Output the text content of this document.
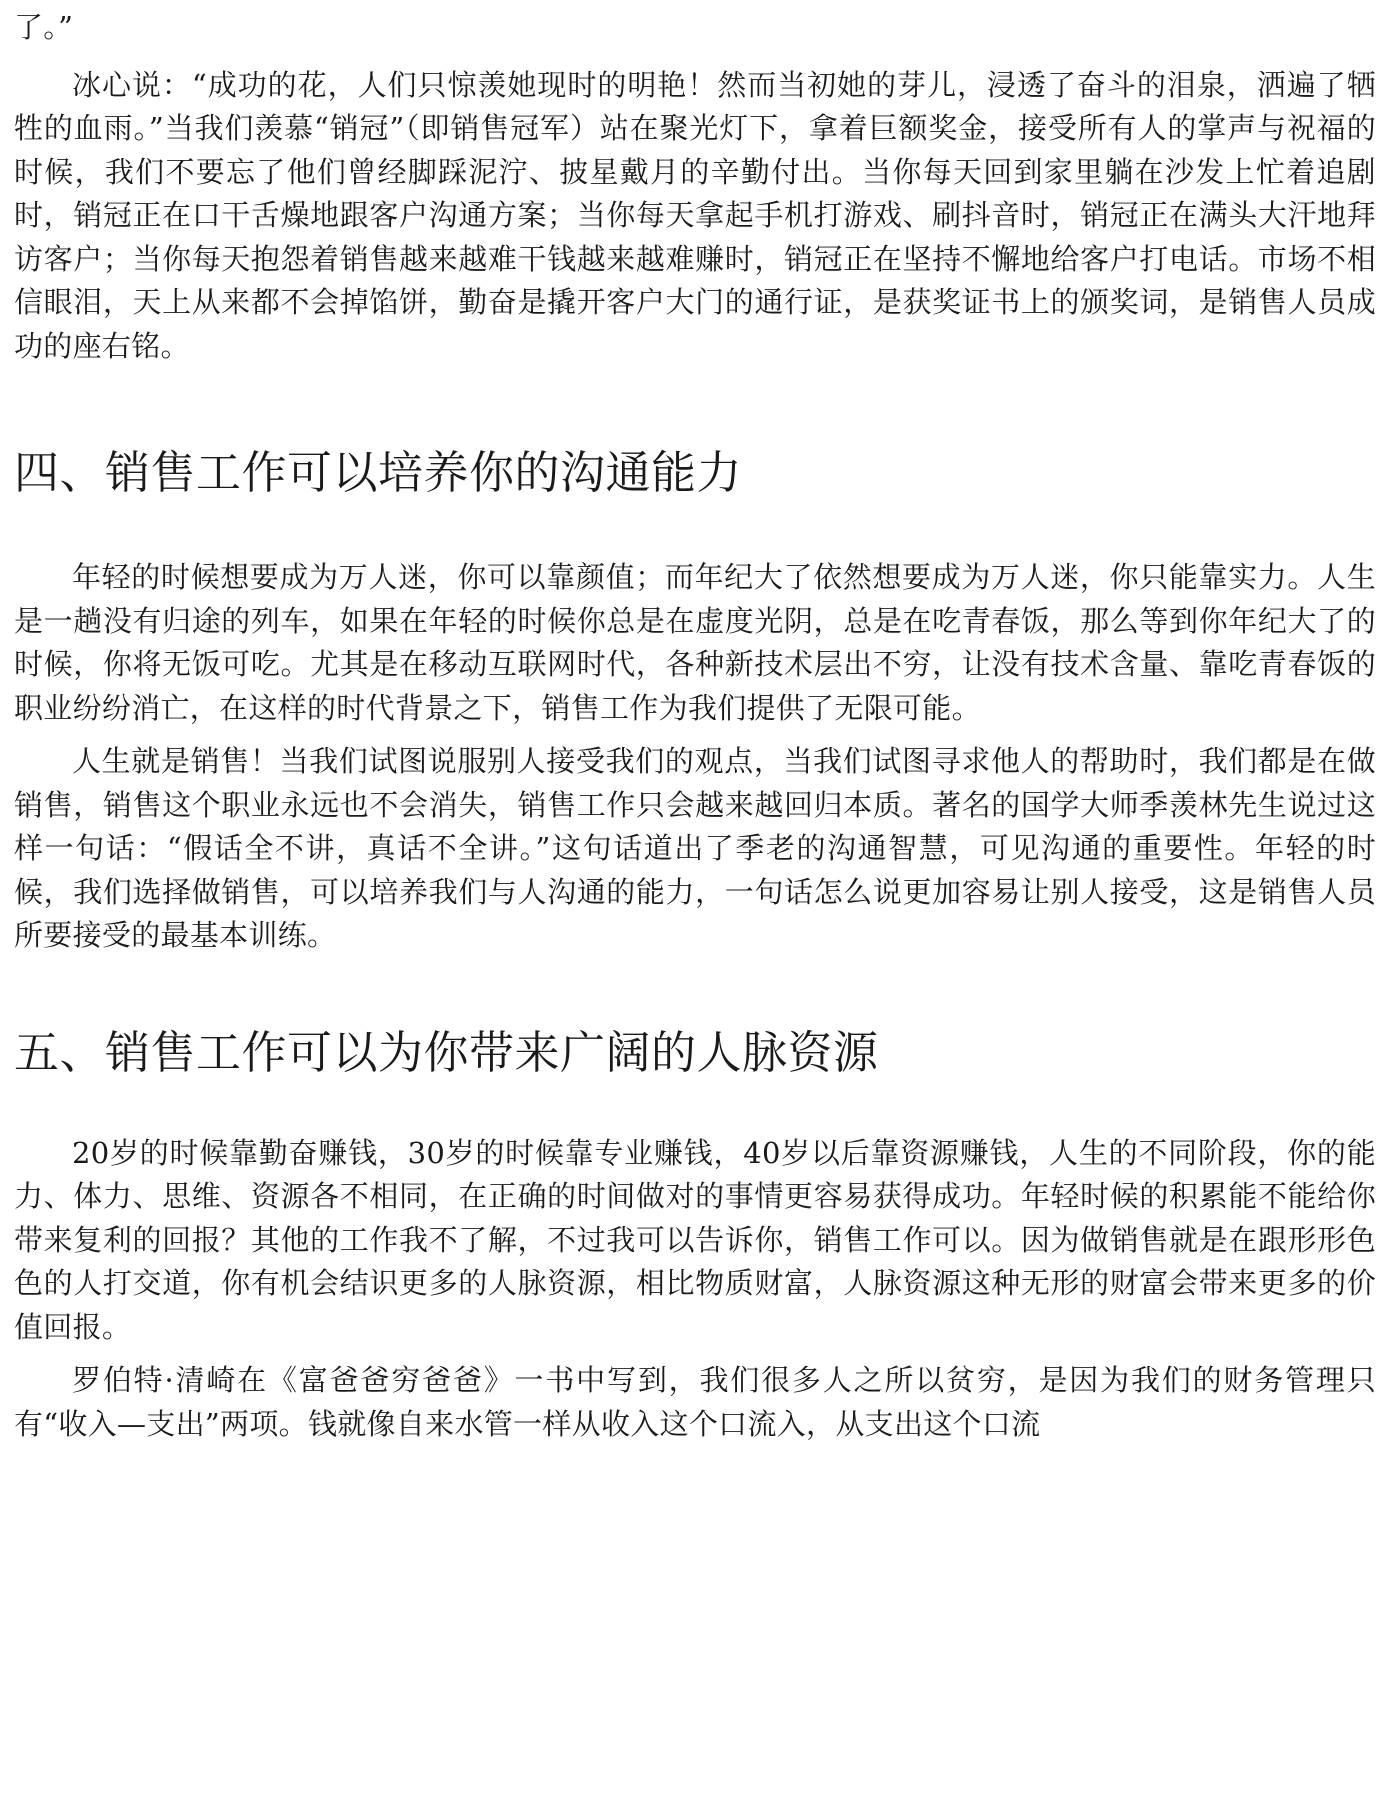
了。”

冰心说：“成功的花，人们只惊羡她现时的明艳！然而当初她的芽儿，浸透了奋斗的泪泉，洒遍了牺牲的血雨。”当我们羡慕“销冠”（即销售冠军）站在聚光灯下，拿着巨额奖金，接受所有人的掌声与祝福的时候，我们不要忘了他们曾经脚踩泥泞、披星戴月的辛勤付出。当你每天回到家里躺在沙发上忙着追剧时，销冠正在口干舌燥地跟客户沟通方案；当你每天拿起手机打游戏、刷抖音时，销冠正在满头大汗地拜访客户；当你每天抱怨着销售越来越难干钱越来越难赚时，销冠正在坚持不懈地给客户打电话。市场不相信眼泪，天上从来都不会掉馅饼，勤奋是撬开客户大门的通行证，是获奖证书上的颁奖词，是销售人员成功的座右铭。

四、销售工作可以培养你的沟通能力

年轻的时候想要成为万人迷，你可以靠颜值；而年纪大了依然想要成为万人迷，你只能靠实力。人生是一趟没有归途的列车，如果在年轻的时候你总是在虚度光阴，总是在吃青春饭，那么等到你年纪大了的时候，你将无饭可吃。尤其是在移动互联网时代，各种新技术层出不穷，让没有技术含量、靠吃青春饭的职业纷纷消亡，在这样的时代背景之下，销售工作为我们提供了无限可能。

人生就是销售！当我们试图说服别人接受我们的观点，当我们试图寻求他人的帮助时，我们都是在做销售，销售这个职业永远也不会消失，销售工作只会越来越回归本质。著名的国学大师季羡林先生说过这样一句话：“假话全不讲，真话不全讲。”这句话道出了季老的沟通智慧，可见沟通的重要性。年轻的时候，我们选择做销售，可以培养我们与人沟通的能力，一句话怎么说更加容易让别人接受，这是销售人员所要接受的最基本训练。

五、销售工作可以为你带来广阔的人脉资源

20岁的时候靠勤奋赚钱，30岁的时候靠专业赚钱，40岁以后靠资源赚钱，人生的不同阶段，你的能力、体力、思维、资源各不相同，在正确的时间做对的事情更容易获得成功。年轻时候的积累能不能给你带来复利的回报？其他的工作我不了解，不过我可以告诉你，销售工作可以。因为做销售就是在跟形形色色的人打交道，你有机会结识更多的人脉资源，相比物质财富，人脉资源这种无形的财富会带来更多的价值回报。

罗伯特·清崎在《富爸爸穷爸爸》一书中写到，我们很多人之所以贫穷，是因为我们的财务管理只有“收入—支出”两项。钱就像自来水管一样从收入这个口流入，从支出这个口流
